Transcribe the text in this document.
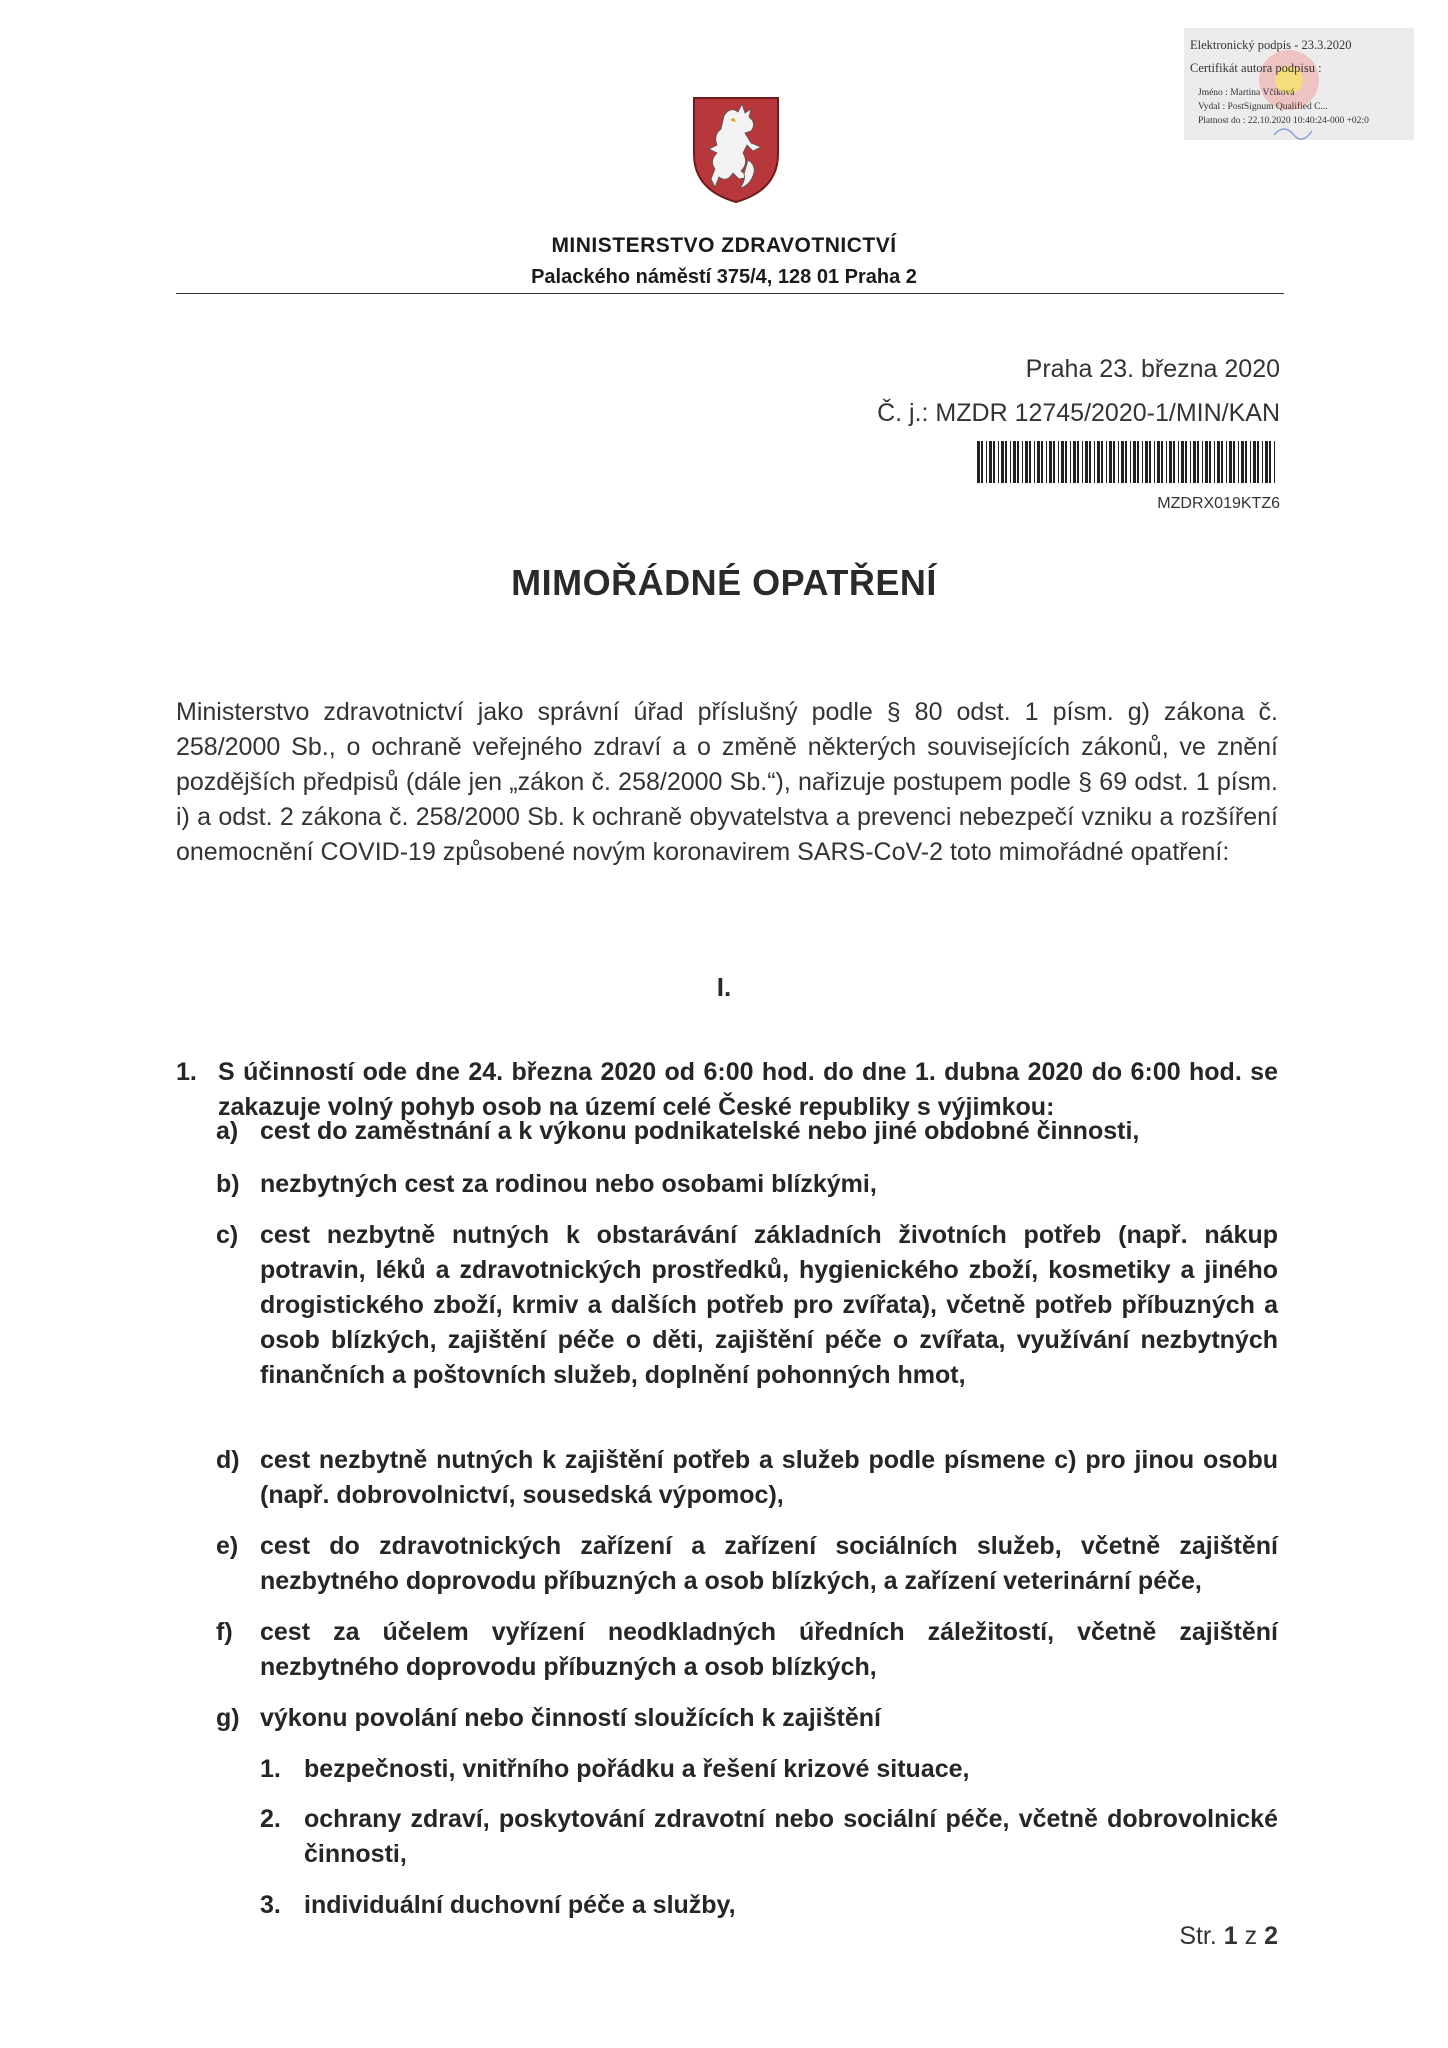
Elektronický podpis - 23.3.2020
Certifikát autora podpisu :
Jméno : Martina Včíková
Vydal : PostSignum Qualified C...
Platnost do : 22.10.2020 10:40:24-000 +02:0
MINISTERSTVO ZDRAVOTNICTVÍ
Palackého náměstí 375/4, 128 01 Praha 2
Praha 23. března 2020
Č. j.: MZDR 12745/2020-1/MIN/KAN
MZDRX019KTZ6
MIMOŘÁDNÉ OPATŘENÍ
Ministerstvo zdravotnictví jako správní úřad příslušný podle § 80 odst. 1 písm. g) zákona č. 258/2000 Sb., o ochraně veřejného zdraví a o změně některých souvisejících zákonů, ve znění pozdějších předpisů (dále jen „zákon č. 258/2000 Sb.“), nařizuje postupem podle § 69 odst. 1 písm. i) a odst. 2 zákona č. 258/2000 Sb. k ochraně obyvatelstva a prevenci nebezpečí vzniku a rozšíření onemocnění COVID-19 způsobené novým koronavirem SARS-CoV-2 toto mimořádné opatření:
I.
1. S účinností ode dne 24. března 2020 od 6:00 hod. do dne 1. dubna 2020 do 6:00 hod. se zakazuje volný pohyb osob na území celé České republiky s výjimkou:
a) cest do zaměstnání a k výkonu podnikatelské nebo jiné obdobné činnosti,
b) nezbytných cest za rodinou nebo osobami blízkými,
c) cest nezbytně nutných k obstarávání základních životních potřeb (např. nákup potravin, léků a zdravotnických prostředků, hygienického zboží, kosmetiky a jiného drogistického zboží, krmiv a dalších potřeb pro zvířata), včetně potřeb příbuzných a osob blízkých, zajištění péče o děti, zajištění péče o zvířata, využívání nezbytných finančních a poštovních služeb, doplnění pohonných hmot,
d) cest nezbytně nutných k zajištění potřeb a služeb podle písmene c) pro jinou osobu (např. dobrovolnictví, sousedská výpomoc),
e) cest do zdravotnických zařízení a zařízení sociálních služeb, včetně zajištění nezbytného doprovodu příbuzných a osob blízkých, a zařízení veterinární péče,
f)	cest za účelem vyřízení neodkladných úředních záležitostí, včetně zajištění nezbytného doprovodu příbuzných a osob blízkých,
g) výkonu povolání nebo činností sloužících k zajištění
1. bezpečnosti, vnitřního pořádku a řešení krizové situace,
2. ochrany zdraví, poskytování zdravotní nebo sociální péče, včetně dobrovolnické činnosti,
3. individuální duchovní péče a služby,
Str. 1 z 2
